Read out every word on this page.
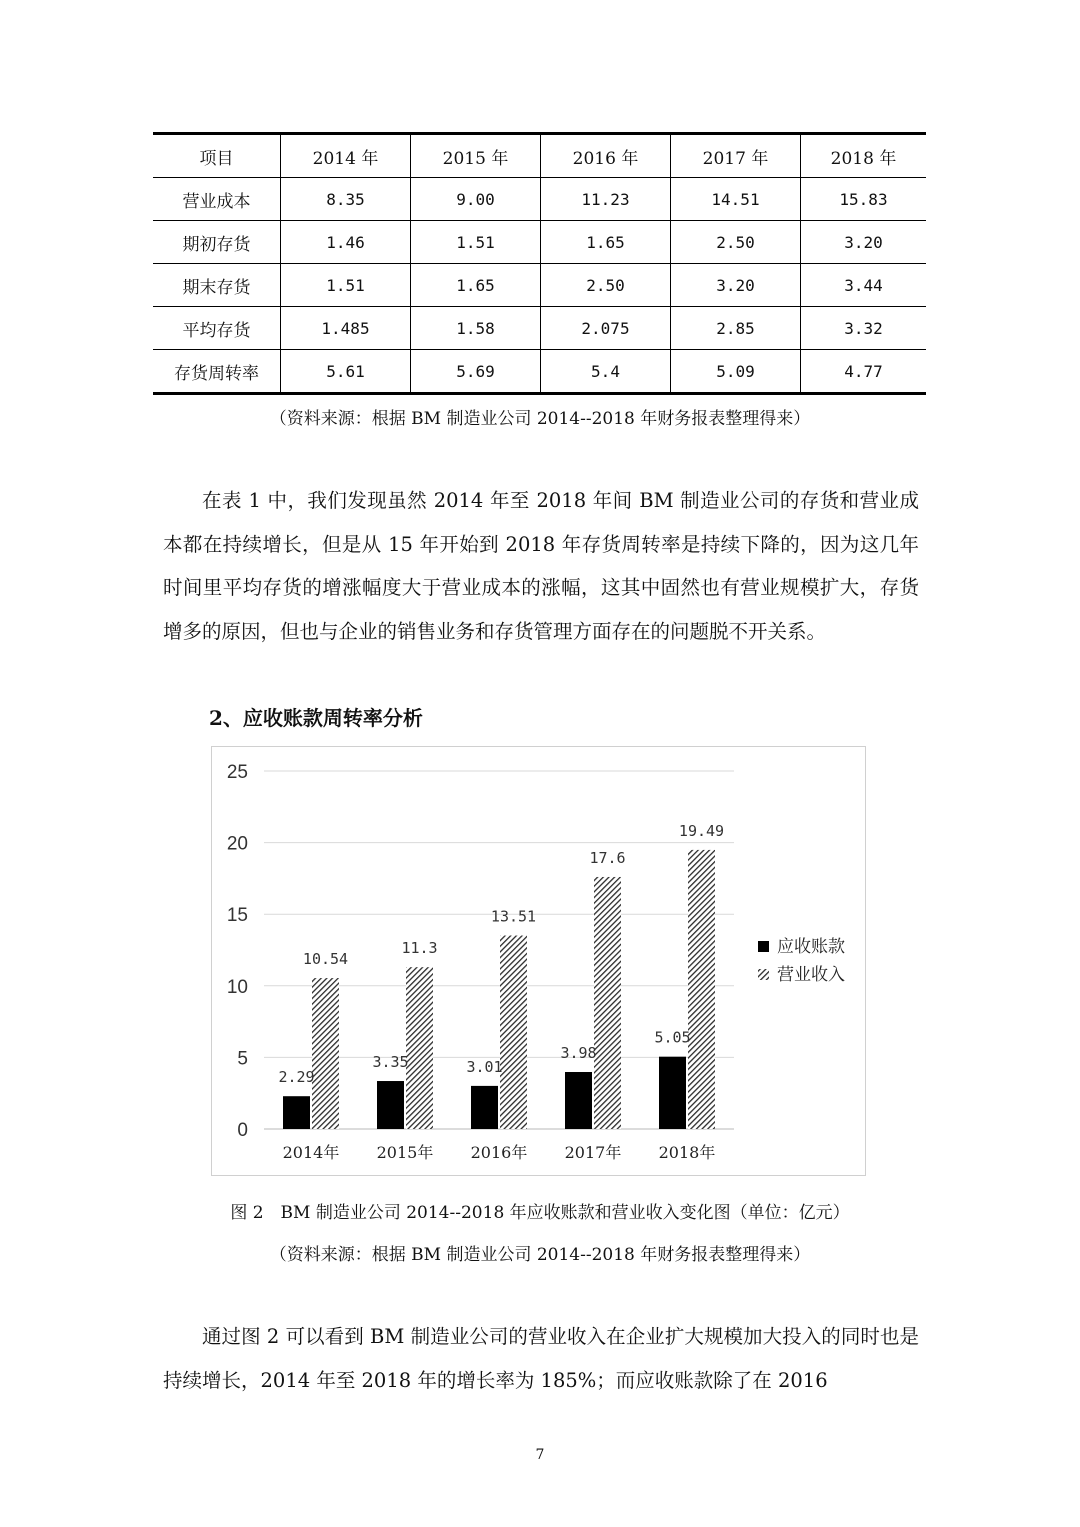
项目	2014 年	2015 年	2016 年	2017 年	2018 年
营业成本	8.35	9.00	11.23	14.51	15.83
期初存货	1.46	1.51	1.65	2.50	3.20
期末存货	1.51	1.65	2.50	3.20	3.44
平均存货	1.485	1.58	2.075	2.85	3.32
存货周转率	5.61	5.69	5.4	5.09	4.77
（资料来源：根据 BM 制造业公司 2014--2018 年财务报表整理得来）

在表 1 中，我们发现虽然 2014 年至 2018 年间 BM 制造业公司的存货和营业成本都在持续增长，但是从 15 年开始到 2018 年存货周转率是持续下降的，因为这几年时间里平均存货的增涨幅度大于营业成本的涨幅，这其中固然也有营业规模扩大，存货增多的原因，但也与企业的销售业务和存货管理方面存在的问题脱不开关系。

2、应收账款周转率分析
2.29
10.54
3.35
11.3
3.01
13.51
3.98
17.6
5.05
19.49
0
5
10
15
20
25
2014年 2015年 2016年 2017年 2018年
应收账款
营业收入
图 2　BM 制造业公司 2014--2018 年应收账款和营业收入变化图（单位：亿元）
（资料来源：根据 BM 制造业公司 2014--2018 年财务报表整理得来）

通过图 2 可以看到 BM 制造业公司的营业收入在企业扩大规模加大投入的同时也是持续增长，2014 年至 2018 年的增长率为 185%；而应收账款除了在 2016

7
